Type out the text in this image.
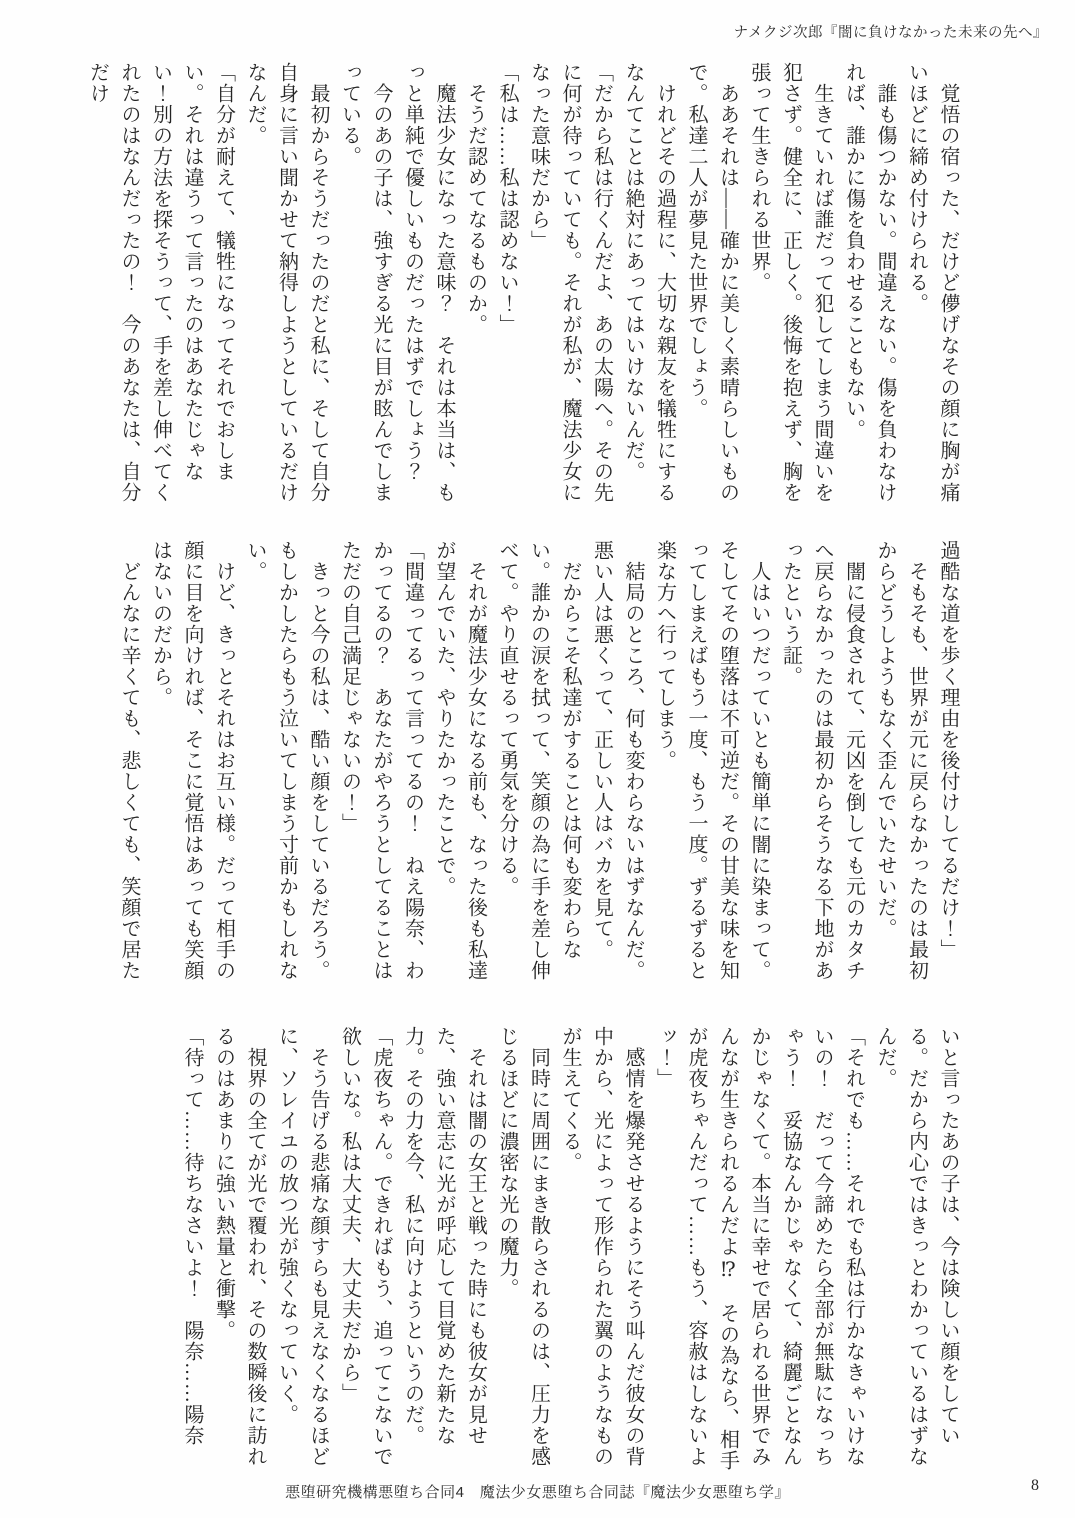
ナメクジ次郎『闇に負けなかった未来の先へ』

覚悟の宿った、だけど儚げなその顔に胸が痛いほどに締め付けられる。

誰も傷つかない。間違えない。傷を負わなければ、誰かに傷を負わせることもない。

生きていれば誰だって犯してしまう間違いを犯さず。健全に、正しく。後悔を抱えず、胸を張って生きられる世界。

ああそれは――確かに美しく素晴らしいもので。私達二人が夢見た世界でしょう。

けれどその過程に、大切な親友を犠牲にするなんてことは絶対にあってはいけないんだ。

「だから私は行くんだよ、あの太陽へ。その先に何が待っていても。それが私が、魔法少女になった意味だから」

「私は……私は認めない！」

そうだ認めてなるものか。

魔法少女になった意味？　それは本当は、もっと単純で優しいものだったはずでしょう？

今のあの子は、強すぎる光に目が眩んでしまっている。

最初からそうだったのだと私に、そして自分自身に言い聞かせて納得しようとしているだけなんだ。

「自分が耐えて、犠牲になってそれでおしまい。それは違うって言ったのはあなたじゃない！別の方法を探そうって、手を差し伸べてくれたのはなんだったの！　今のあなたは、自分だけ

過酷な道を歩く理由を後付けしてるだけ！」

そもそも、世界が元に戻らなかったのは最初からどうしようもなく歪んでいたせいだ。

闇に侵食されて、元凶を倒しても元のカタチへ戻らなかったのは最初からそうなる下地があったという証。

人はいつだっていとも簡単に闇に染まって。そしてその堕落は不可逆だ。その甘美な味を知ってしまえばもう一度、もう一度。ずるずると楽な方へ行ってしまう。

結局のところ、何も変わらないはずなんだ。悪い人は悪くって、正しい人はバカを見て。

だからこそ私達がすることは何も変わらない。誰かの涙を拭って、笑顔の為に手を差し伸べて。やり直せるって勇気を分ける。

それが魔法少女になる前も、なった後も私達が望んでいた、やりたかったことで。

「間違ってるって言ってるの！　ねえ陽奈、わかってるの？　あなたがやろうとしてることはただの自己満足じゃないの！」

きっと今の私は、酷い顔をしているだろう。もしかしたらもう泣いてしまう寸前かもしれない。

けど、きっとそれはお互い様。だって相手の顔に目を向ければ、そこに覚悟はあっても笑顔はないのだから。

どんなに辛くても、悲しくても、笑顔で居た

いと言ったあの子は、今は険しい顔をしている。だから内心ではきっとわかっているはずなんだ。

「それでも……それでも私は行かなきゃいけないの！　だって今諦めたら全部が無駄になっちゃう！　妥協なんかじゃなくて、綺麗ごとなんかじゃなくて。本当に幸せで居られる世界でみんなが生きられるんだよ⁉　その為なら、相手が虎夜ちゃんだって……もう、容赦はしないよッ！」

感情を爆発させるようにそう叫んだ彼女の背中から、光によって形作られた翼のようなものが生えてくる。

同時に周囲にまき散らされるのは、圧力を感じるほどに濃密な光の魔力。

それは闇の女王と戦った時にも彼女が見せた、強い意志に光が呼応して目覚めた新たな力。その力を今、私に向けようというのだ。

「虎夜ちゃん。できればもう、追ってこないで欲しいな。私は大丈夫、大丈夫だから」

そう告げる悲痛な顔すらも見えなくなるほどに、ソレイユの放つ光が強くなっていく。

視界の全てが光で覆われ、その数瞬後に訪れるのはあまりに強い熱量と衝撃。

「待って……待ちなさいよ！　陽奈……陽奈

悪堕研究機構悪堕ち合同4　魔法少女悪堕ち合同誌『魔法少女悪堕ち学』	8
